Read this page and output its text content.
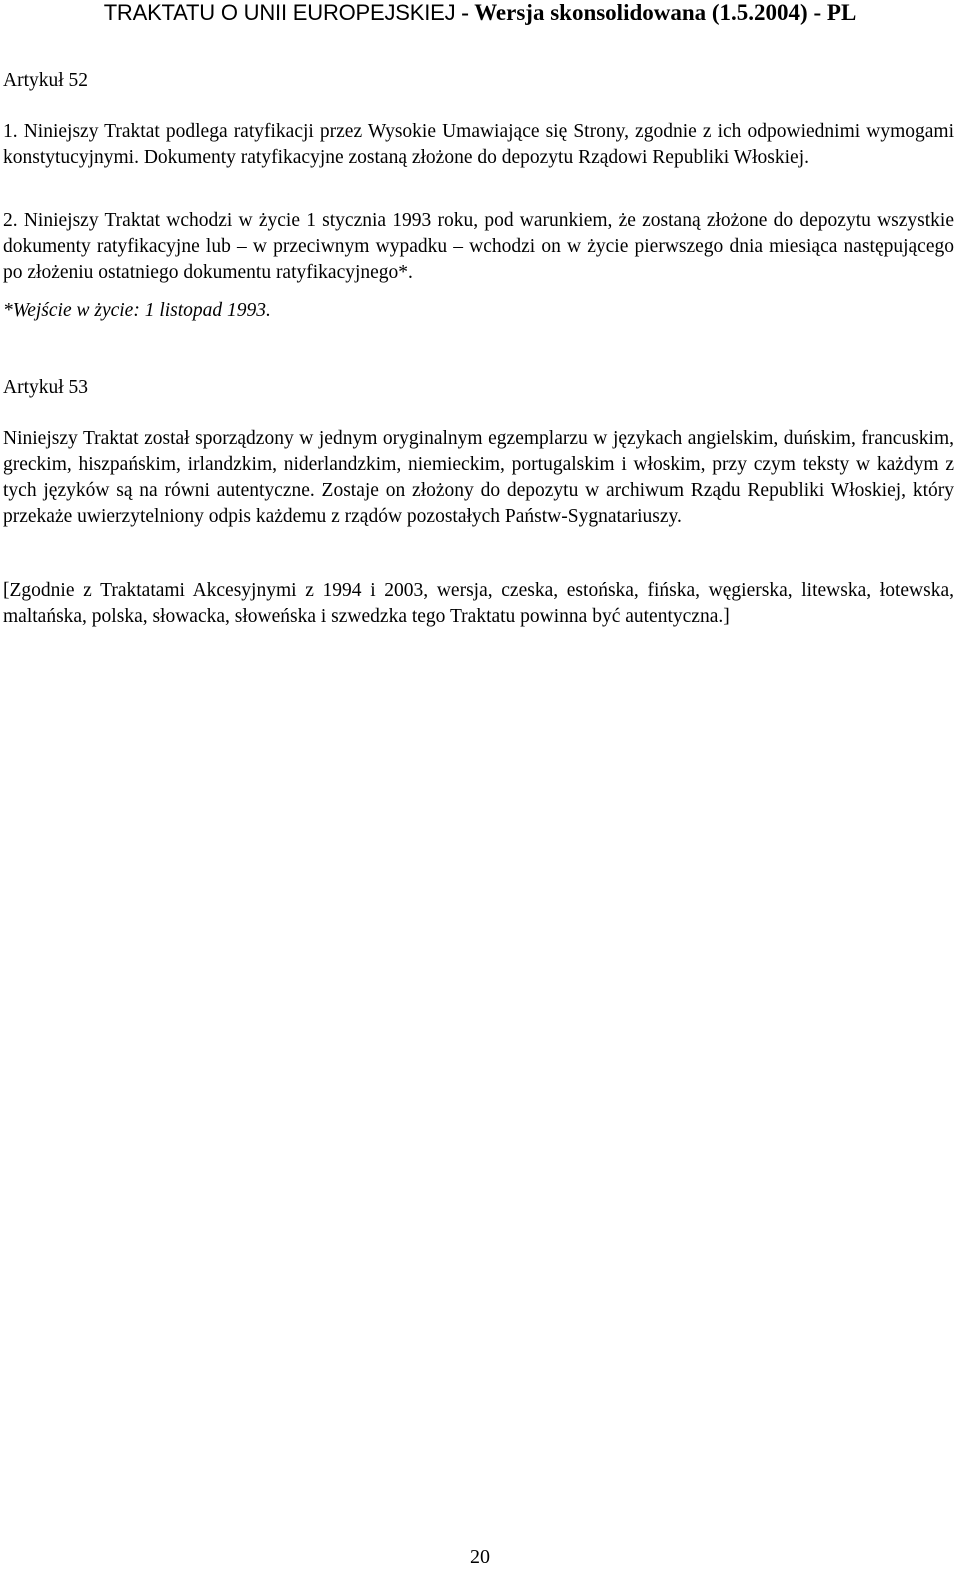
TRAKTATU O UNII EUROPEJSKIEJ - Wersja skonsolidowana (1.5.2004) - PL

Artykuł 52

1. Niniejszy Traktat podlega ratyfikacji przez Wysokie Umawiające się Strony, zgodnie z ich odpowiednimi wymogami konstytucyjnymi. Dokumenty ratyfikacyjne zostaną złożone do depozytu Rządowi Republiki Włoskiej.

2. Niniejszy Traktat wchodzi w życie 1 stycznia 1993 roku, pod warunkiem, że zostaną złożone do depozytu wszystkie dokumenty ratyfikacyjne lub – w przeciwnym wypadku – wchodzi on w życie pierwszego dnia miesiąca następującego po złożeniu ostatniego dokumentu ratyfikacyjnego*.

*Wejście w życie: 1 listopad 1993.

Artykuł 53

Niniejszy Traktat został sporządzony w jednym oryginalnym egzemplarzu w językach angielskim, duńskim, francuskim, greckim, hiszpańskim, irlandzkim, niderlandzkim, niemieckim, portugalskim i włoskim, przy czym teksty w każdym z tych języków są na równi autentyczne. Zostaje on złożony do depozytu w archiwum Rządu Republiki Włoskiej, który przekaże uwierzytelniony odpis każdemu z rządów pozostałych Państw-Sygnatariuszy.

[Zgodnie z Traktatami Akcesyjnymi z 1994 i 2003, wersja, czeska, estońska, fińska, węgierska, litewska, łotewska, maltańska, polska, słowacka, słoweńska i szwedzka tego Traktatu powinna być autentyczna.]

20
